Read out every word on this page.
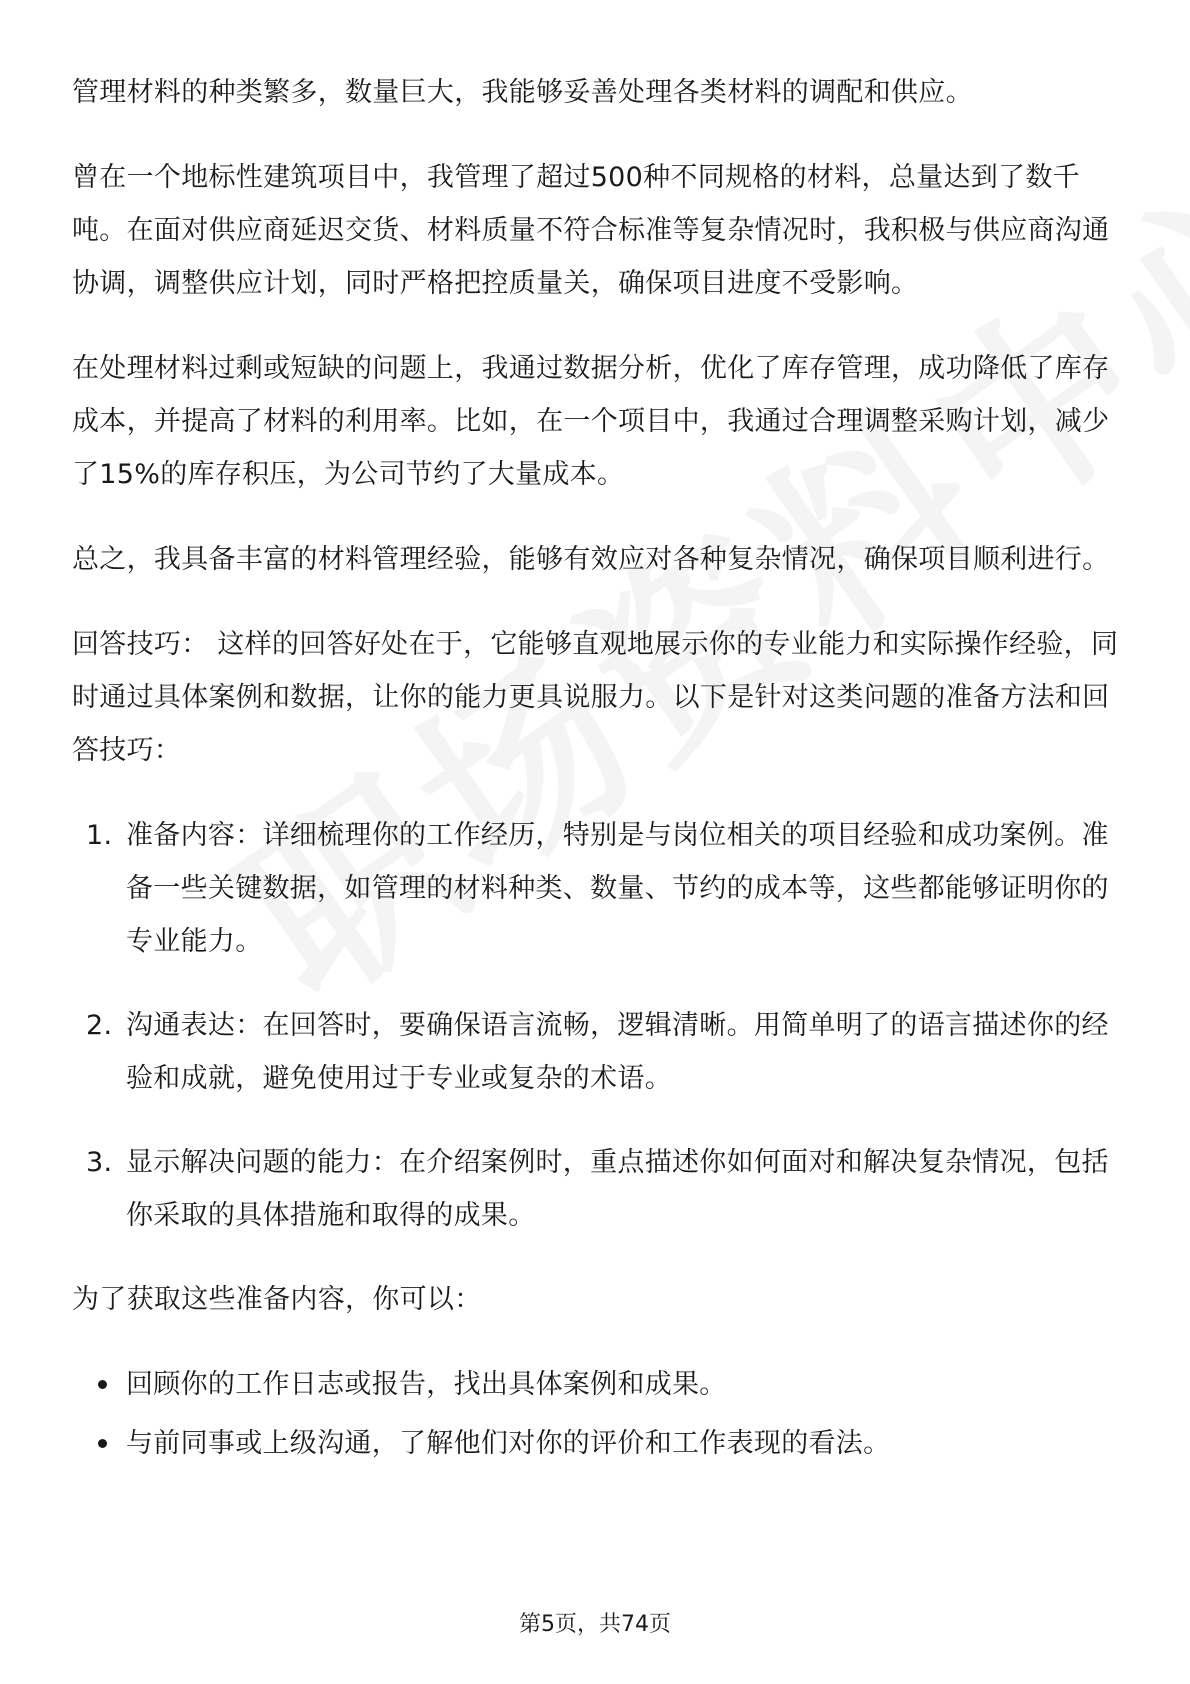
管理材料的种类繁多，数量巨大，我能够妥善处理各类材料的调配和供应。

曾在一个地标性建筑项目中，我管理了超过500种不同规格的材料，总量达到了数千吨。在面对供应商延迟交货、材料质量不符合标准等复杂情况时，我积极与供应商沟通协调，调整供应计划，同时严格把控质量关，确保项目进度不受影响。

在处理材料过剩或短缺的问题上，我通过数据分析，优化了库存管理，成功降低了库存成本，并提高了材料的利用率。比如，在一个项目中，我通过合理调整采购计划，减少了15%的库存积压，为公司节约了大量成本。

总之，我具备丰富的材料管理经验，能够有效应对各种复杂情况，确保项目顺利进行。

回答技巧： 这样的回答好处在于，它能够直观地展示你的专业能力和实际操作经验，同时通过具体案例和数据，让你的能力更具说服力。以下是针对这类问题的准备方法和回答技巧：

1. 准备内容：详细梳理你的工作经历，特别是与岗位相关的项目经验和成功案例。准备一些关键数据，如管理的材料种类、数量、节约的成本等，这些都能够证明你的专业能力。
2. 沟通表达：在回答时，要确保语言流畅，逻辑清晰。用简单明了的语言描述你的经验和成就，避免使用过于专业或复杂的术语。
3. 显示解决问题的能力：在介绍案例时，重点描述你如何面对和解决复杂情况，包括你采取的具体措施和取得的成果。

为了获取这些准备内容，你可以：

回顾你的工作日志或报告，找出具体案例和成果。
与前同事或上级沟通，了解他们对你的评价和工作表现的看法。
第5页，共74页
